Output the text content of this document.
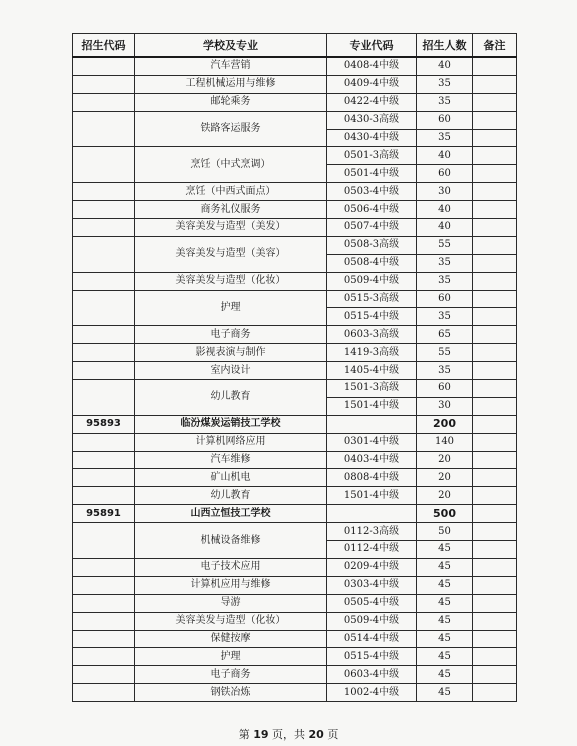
招生代码	学校及专业	专业代码	招生人数	备注
	汽车营销	0408-4中级	40	
	工程机械运用与维修	0409-4中级	35	
	邮轮乘务	0422-4中级	35	
	铁路客运服务	0430-3高级	60	
		0430-4中级	35	
	烹饪（中式烹调）	0501-3高级	40	
		0501-4中级	60	
	烹饪（中西式面点）	0503-4中级	30	
	商务礼仪服务	0506-4中级	40	
	美容美发与造型（美发）	0507-4中级	40	
	美容美发与造型（美容）	0508-3高级	55	
		0508-4中级	35	
	美容美发与造型（化妆）	0509-4中级	35	
	护理	0515-3高级	60	
		0515-4中级	35	
	电子商务	0603-3高级	65	
	影视表演与制作	1419-3高级	55	
	室内设计	1405-4中级	35	
	幼儿教育	1501-3高级	60	
		1501-4中级	30	
95893	临汾煤炭运销技工学校		200	
	计算机网络应用	0301-4中级	140	
	汽车维修	0403-4中级	20	
	矿山机电	0808-4中级	20	
	幼儿教育	1501-4中级	20	
95891	山西立恒技工学校		500	
	机械设备维修	0112-3高级	50	
		0112-4中级	45	
	电子技术应用	0209-4中级	45	
	计算机应用与维修	0303-4中级	45	
	导游	0505-4中级	45	
	美容美发与造型（化妆）	0509-4中级	45	
	保健按摩	0514-4中级	45	
	护理	0515-4中级	45	
	电子商务	0603-4中级	45	
	钢铁冶炼	1002-4中级	45	
第 19 页，共 20 页
